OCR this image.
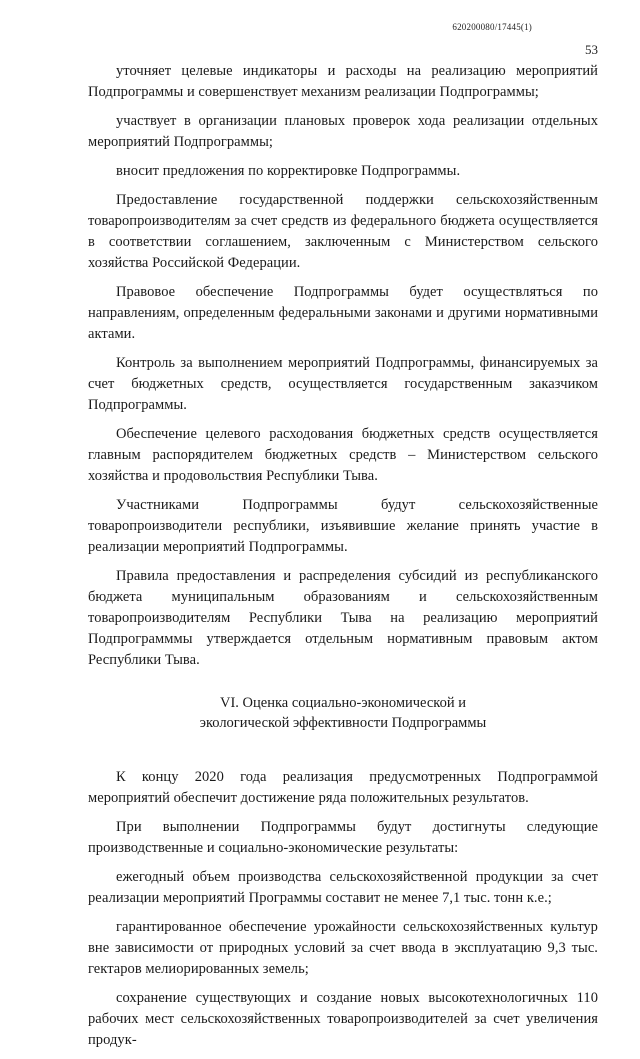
620200080/17445(1)
53

уточняет целевые индикаторы и расходы на реализацию мероприятий Подпрограммы и совершенствует механизм реализации Подпрограммы;

участвует в организации плановых проверок хода реализации отдельных мероприятий Подпрограммы;

вносит предложения по корректировке Подпрограммы.

Предоставление государственной поддержки сельскохозяйственным товаропроизводителям за счет средств из федерального бюджета осуществляется в соответствии соглашением, заключенным с Министерством сельского хозяйства Российской Федерации.

Правовое обеспечение Подпрограммы будет осуществляться по направлениям, определенным федеральными законами и другими нормативными актами.

Контроль за выполнением мероприятий Подпрограммы, финансируемых за счет бюджетных средств, осуществляется государственным заказчиком Подпрограммы.

Обеспечение целевого расходования бюджетных средств осуществляется главным распорядителем бюджетных средств – Министерством сельского хозяйства и продовольствия Республики Тыва.

Участниками Подпрограммы будут сельскохозяйственные товаропроизводители республики, изъявившие желание принять участие в реализации мероприятий Подпрограммы.

Правила предоставления и распределения субсидий из республиканского бюджета муниципальным образованиям и сельскохозяйственным товаропроизводителям Республики Тыва на реализацию мероприятий Подпрограмммы утверждается отдельным нормативным правовым актом Республики Тыва.

VI. Оценка социально-экономической и
экологической эффективности Подпрограммы

К концу 2020 года реализация предусмотренных Подпрограммой мероприятий обеспечит достижение ряда положительных результатов.

При выполнении Подпрограммы будут достигнуты следующие производственные и социально-экономические результаты:

ежегодный объем производства сельскохозяйственной продукции за счет реализации мероприятий Программы составит не менее 7,1 тыс. тонн к.е.;

гарантированное обеспечение урожайности сельскохозяйственных культур вне зависимости от природных условий за счет ввода в эксплуатацию 9,3 тыс. гектаров мелиорированных земель;

сохранение существующих и создание новых высокотехнологичных 110 рабочих мест сельскохозяйственных товаропроизводителей за счет увеличения продук-
